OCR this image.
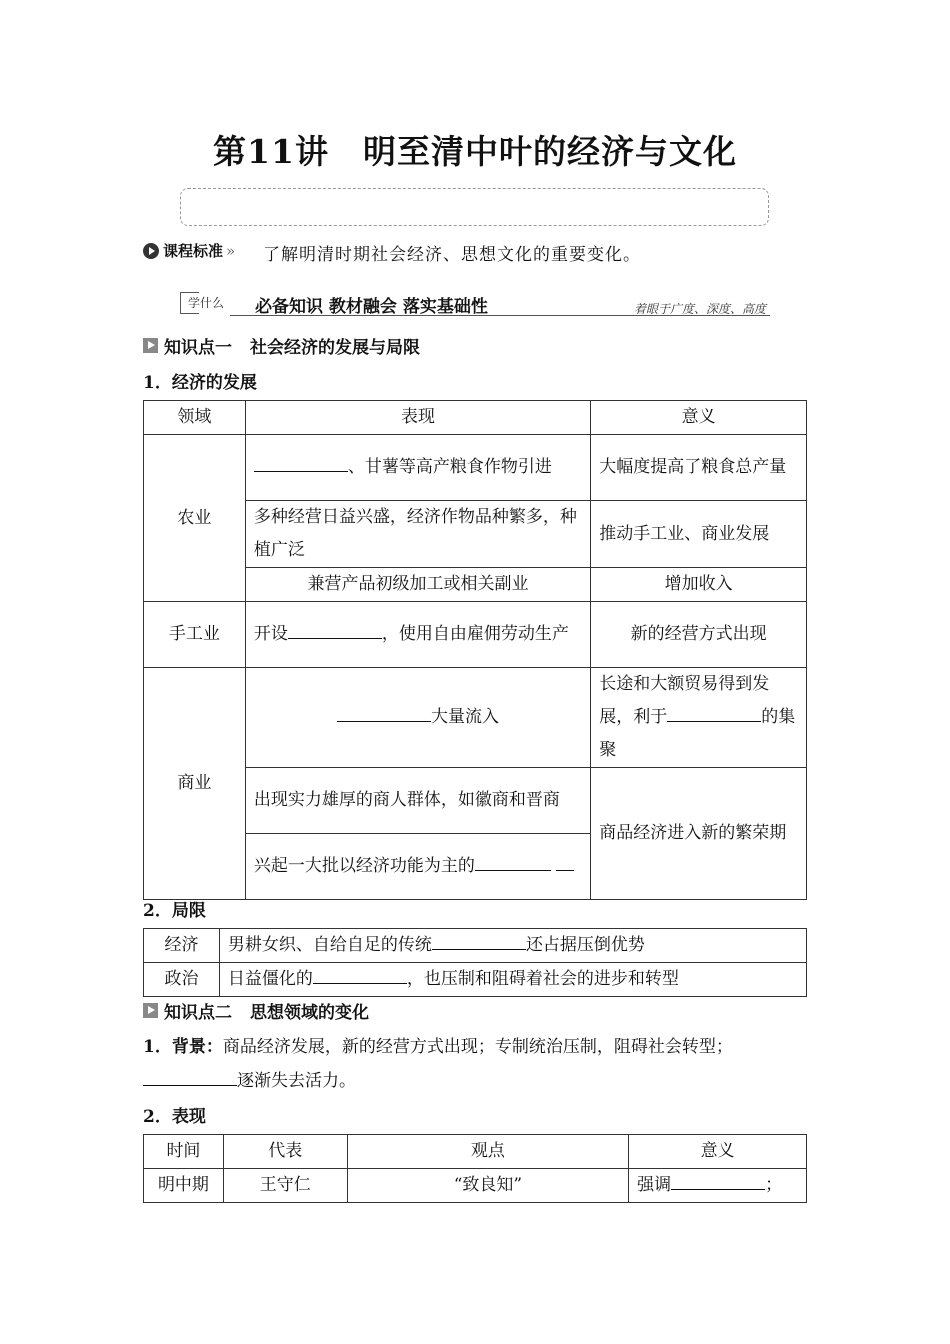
第11讲　明至清中叶的经济与文化
课程标准 » 了解明清时期社会经济、思想文化的重要变化。
学什么 必备知识 教材融会 落实基础性	着眼于广度、深度、高度
知识点一 社会经济的发展与局限
1．经济的发展
领域	表现	意义
农业	、甘薯等高产粮食作物引进	大幅度提高了粮食总产量
	多种经营日益兴盛，经济作物品种繁多，种植广泛	推动手工业、商业发展
	兼营产品初级加工或相关副业	增加收入
手工业	开设 ，使用自由雇佣劳动生产	新的经营方式出现
商业	大量流入	长途和大额贸易得到发展，利于 的集聚
	出现实力雄厚的商人群体，如徽商和晋商	商品经济进入新的繁荣期
	兴起一大批以经济功能为主的	
2．局限
经济	男耕女织、自给自足的传统 还占据压倒优势
政治	日益僵化的 ，也压制和阻碍着社会的进步和转型
知识点二 思想领域的变化
1．背景：商品经济发展，新的经营方式出现；专制统治压制，阻碍社会转型；
逐渐失去活力。
2．表现
时间	代表	观点	意义
明中期	王守仁	“致良知”	强调 ；
